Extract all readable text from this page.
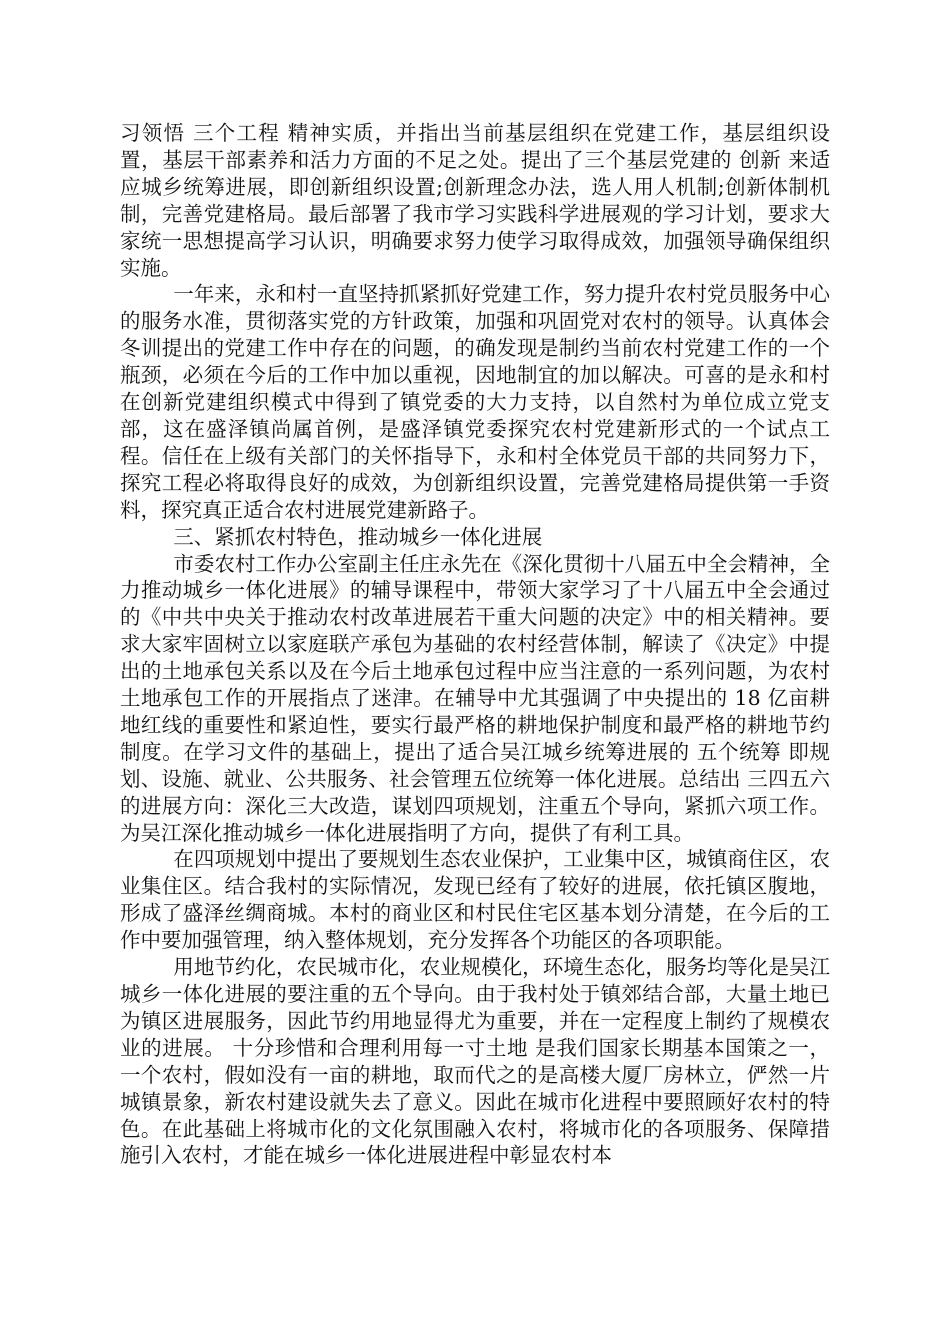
习领悟 三个工程 精神实质，并指出当前基层组织在党建工作，基层组织设置，基层干部素养和活力方面的不足之处。提出了三个基层党建的 创新 来适应城乡统筹进展，即创新组织设置;创新理念办法，选人用人机制;创新体制机制，完善党建格局。最后部署了我市学习实践科学进展观的学习计划，要求大家统一思想提高学习认识，明确要求努力使学习取得成效，加强领导确保组织实施。

一年来，永和村一直坚持抓紧抓好党建工作，努力提升农村党员服务中心的服务水准，贯彻落实党的方针政策，加强和巩固党对农村的领导。认真体会冬训提出的党建工作中存在的问题，的确发现是制约当前农村党建工作的一个瓶颈，必须在今后的工作中加以重视，因地制宜的加以解决。可喜的是永和村在创新党建组织模式中得到了镇党委的大力支持，以自然村为单位成立党支部，这在盛泽镇尚属首例，是盛泽镇党委探究农村党建新形式的一个试点工程。信任在上级有关部门的关怀指导下，永和村全体党员干部的共同努力下，探究工程必将取得良好的成效，为创新组织设置，完善党建格局提供第一手资料，探究真正适合农村进展党建新路子。

三、紧抓农村特色，推动城乡一体化进展

市委农村工作办公室副主任庄永先在《深化贯彻十八届五中全会精神，全力推动城乡一体化进展》的辅导课程中，带领大家学习了十八届五中全会通过的《中共中央关于推动农村改革进展若干重大问题的决定》中的相关精神。要求大家牢固树立以家庭联产承包为基础的农村经营体制，解读了《决定》中提出的土地承包关系以及在今后土地承包过程中应当注意的一系列问题，为农村土地承包工作的开展指点了迷津。在辅导中尤其强调了中央提出的 18 亿亩耕地红线的重要性和紧迫性，要实行最严格的耕地保护制度和最严格的耕地节约制度。在学习文件的基础上，提出了适合吴江城乡统筹进展的 五个统筹 即规划、设施、就业、公共服务、社会管理五位统筹一体化进展。总结出 三四五六 的进展方向：深化三大改造，谋划四项规划，注重五个导向，紧抓六项工作。为吴江深化推动城乡一体化进展指明了方向，提供了有利工具。

在四项规划中提出了要规划生态农业保护，工业集中区，城镇商住区，农业集住区。结合我村的实际情况，发现已经有了较好的进展，依托镇区腹地，形成了盛泽丝绸商城。本村的商业区和村民住宅区基本划分清楚，在今后的工作中要加强管理，纳入整体规划，充分发挥各个功能区的各项职能。

用地节约化，农民城市化，农业规模化，环境生态化，服务均等化是吴江城乡一体化进展的要注重的五个导向。由于我村处于镇郊结合部，大量土地已为镇区进展服务，因此节约用地显得尤为重要，并在一定程度上制约了规模农业的进展。 十分珍惜和合理利用每一寸土地 是我们国家长期基本国策之一，一个农村，假如没有一亩的耕地，取而代之的是高楼大厦厂房林立，俨然一片城镇景象，新农村建设就失去了意义。因此在城市化进程中要照顾好农村的特色。在此基础上将城市化的文化氛围融入农村，将城市化的各项服务、保障措施引入农村，才能在城乡一体化进展进程中彰显农村本
